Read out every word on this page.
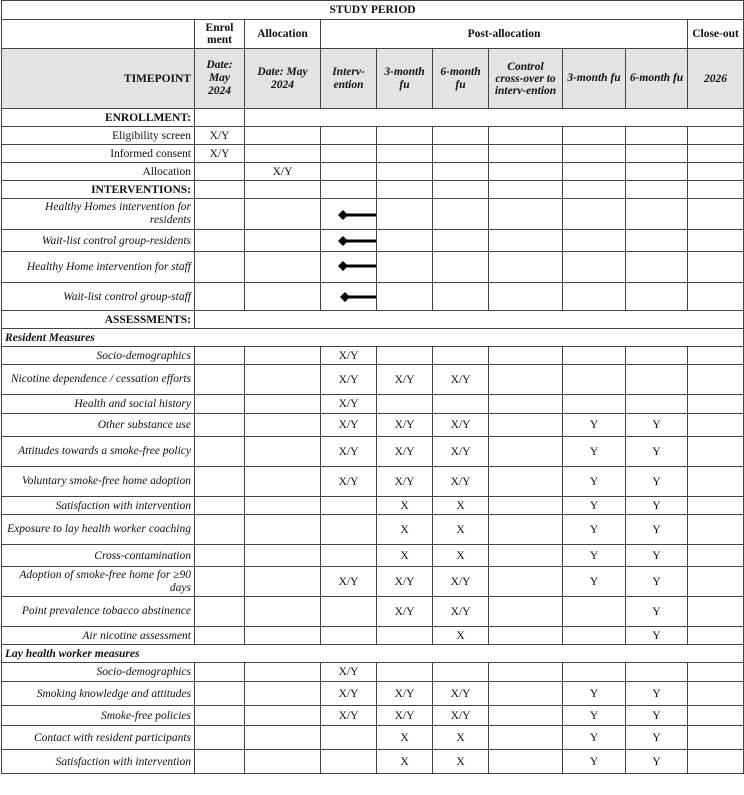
STUDY PERIOD									
	Enrol ment	Allocation	Post-allocation						Close-out
TIMEPOINT	Date: May 2024	Date: May 2024	Interv-ention	3-month fu	6-month fu	Control cross-over to interv-ention	3-month fu	6-month fu	2026
ENROLLMENT:									
Eligibility screen	X/Y								
Informed consent	X/Y								
Allocation		X/Y							
INTERVENTIONS:									
Healthy Homes intervention for residents			

Wait-list control group-residents			

Healthy Home intervention for staff			

Wait-list control group-staff			

ASSESSMENTS:									
Resident Measures									
Socio-demographics			X/Y						
Nicotine dependence / cessation efforts			X/Y	X/Y	X/Y				
Health and social history			X/Y						
Other substance use			X/Y	X/Y	X/Y		Y	Y	
Attitudes towards a smoke-free policy			X/Y	X/Y	X/Y		Y	Y	
Voluntary smoke-free home adoption			X/Y	X/Y	X/Y		Y	Y	
Satisfaction with intervention				X	X		Y	Y	
Exposure to lay health worker coaching				X	X		Y	Y	
Cross-contamination				X	X		Y	Y	
Adoption of smoke-free home for ≥90 days			X/Y	X/Y	X/Y		Y	Y	
Point prevalence tobacco abstinence				X/Y	X/Y			Y	
Air nicotine assessment					X			Y	
Lay health worker measures									
Socio-demographics			X/Y						
Smoking knowledge and attitudes			X/Y	X/Y	X/Y		Y	Y	
Smoke-free policies			X/Y	X/Y	X/Y		Y	Y	
Contact with resident participants				X	X		Y	Y	
Satisfaction with intervention				X	X		Y	Y	
